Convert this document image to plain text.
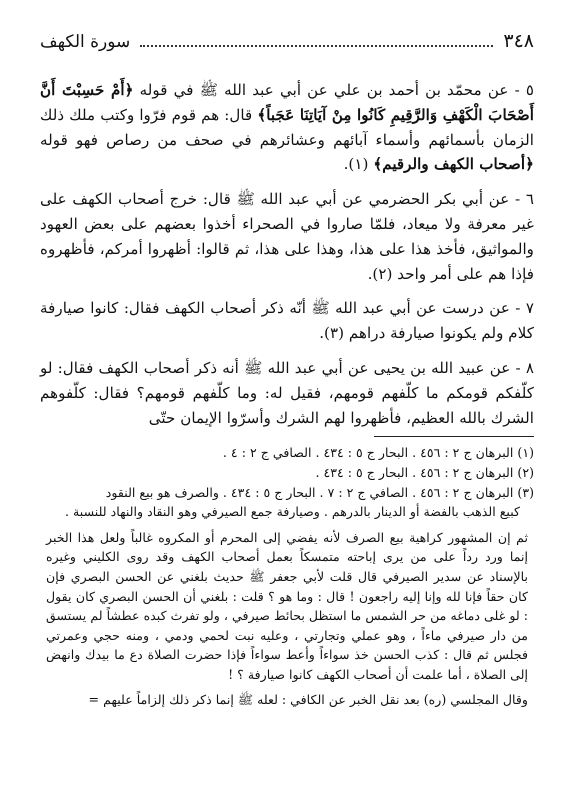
٣٤٨
سورة الكهف

٥ - عن محمّد بن أحمد بن علي عن أبي عبد الله ﷺ في قوله ﴿أَمْ حَسِبْتَ أَنَّ أَصْحَابَ الْكَهْفِ وَالرَّقِيمِ كَانُوا مِنْ آيَاتِنَا عَجَباً﴾ قال: هم قوم فرّوا وكتب ملك ذلك الزمان بأسمائهم وأسماء آبائهم وعشائرهم في صحف من رصاص فهو قوله ﴿أصحاب الكهف والرقيم﴾ (١).

٦ - عن أبي بكر الحضرمي عن أبي عبد الله ﷺ قال: خرج أصحاب الكهف على غير معرفة ولا ميعاد، فلمّا صاروا في الصحراء أخذوا بعضهم على بعض العهود والمواثيق، فأخذ هذا على هذا، وهذا على هذا، ثم قالوا: أظهروا أمركم، فأظهروه فإذا هم على أمر واحد (٢).

٧ - عن درست عن أبي عبد الله ﷺ أنّه ذكر أصحاب الكهف فقال: كانوا صيارفة كلام ولم يكونوا صيارفة دراهم (٣).

٨ - عن عبيد الله بن يحيى عن أبي عبد الله ﷺ أنه ذكر أصحاب الكهف فقال: لو كلّفكم قومكم ما كلّفهم قومهم، فقيل له: وما كلّفهم قومهم؟ فقال: كلّفوهم الشرك بالله العظيم، فأظهروا لهم الشرك وأسرّوا الإيمان حتّى

(١) البرهان ج ٢ : ٤٥٦ . البحار ج ٥ : ٤٣٤ . الصافي ج ٢ : ٤ .

(٢) البرهان ج ٢ : ٤٥٦ . البحار ج ٥ : ٤٣٤ .

(٣) البرهان ج ٢ : ٤٥٦ . الصافي ج ٢ : ٧ . البحار ج ٥ : ٤٣٤ . والصرف هو بيع النقود

كبيع الذهب بالفضة أو الدينار بالدرهم . وصيارفة جمع الصيرفي وهو النقاد والنهاد للنسبة .

ثم إن المشهور كراهية بيع الصرف لأنه يفضي إلى المحرم أو المكروه غالباً ولعل هذا الخبر إنما ورد رداً على من يرى إباحته متمسكاً بعمل أصحاب الكهف وقد روى الكليني وغيره بالإسناد عن سدير الصيرفي قال قلت لأبي جعفر ﷺ حديث بلغني عن الحسن البصري فإن كان حقاً فإنا لله وإنا إليه راجعون ! قال : وما هو ؟ قلت : بلغني أن الحسن البصري كان يقول : لو غلى دماغه من حر الشمس ما استظل بحائط صيرفي ، ولو تفرث كبده عطشاً لم يستسق من دار صيرفي ماءاً ، وهو عملي وتجارتي ، وعليه نبت لحمي ودمي ، ومنه حجي وعمرتي فجلس ثم قال : كذب الحسن خذ سواءاً وأعط سواءاً فإذا حضرت الصلاة دع ما بيدك وانهض إلى الصلاة ، أما علمت أن أصحاب الكهف كانوا صيارفة ؟ !

وقال المجلسي (ره) بعد نقل الخبر عن الكافي : لعله ﷺ إنما ذكر ذلك إلزاماً عليهم =
